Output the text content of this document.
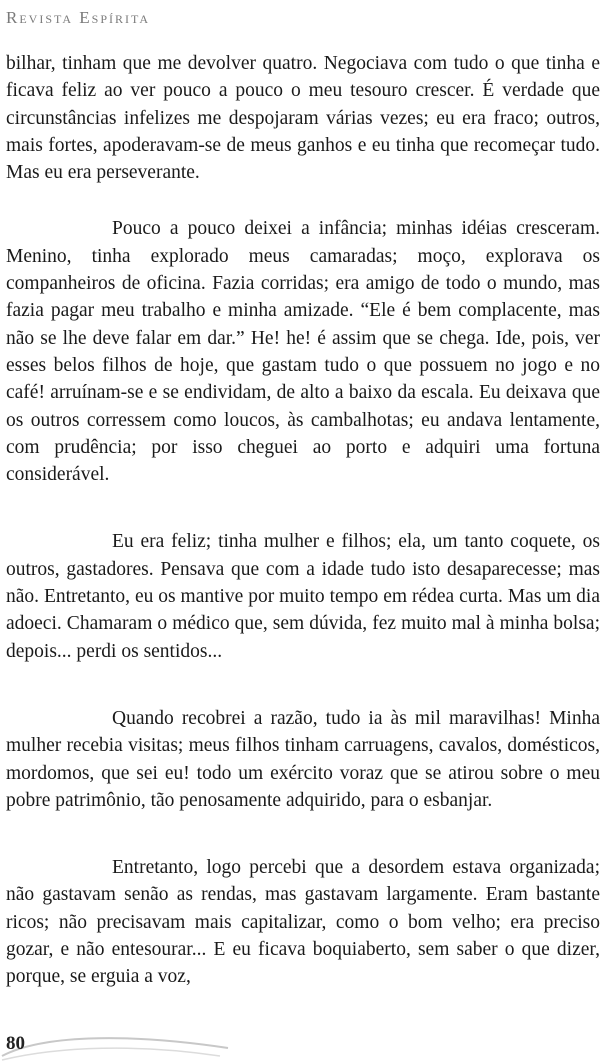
Revista Espírita

bilhar, tinham que me devolver quatro. Negociava com tudo o que tinha e ficava feliz ao ver pouco a pouco o meu tesouro crescer. É verdade que circunstâncias infelizes me despojaram várias vezes; eu era fraco; outros, mais fortes, apoderavam-se de meus ganhos e eu tinha que recomeçar tudo. Mas eu era perseverante.

Pouco a pouco deixei a infância; minhas idéias cresceram. Menino, tinha explorado meus camaradas; moço, explorava os companheiros de oficina. Fazia corridas; era amigo de todo o mundo, mas fazia pagar meu trabalho e minha amizade. “Ele é bem complacente, mas não se lhe deve falar em dar.” He! he! é assim que se chega. Ide, pois, ver esses belos filhos de hoje, que gastam tudo o que possuem no jogo e no café! arruínam-se e se endividam, de alto a baixo da escala. Eu deixava que os outros corressem como loucos, às cambalhotas; eu andava lentamente, com prudência; por isso cheguei ao porto e adquiri uma fortuna considerável.

Eu era feliz; tinha mulher e filhos; ela, um tanto coquete, os outros, gastadores. Pensava que com a idade tudo isto desaparecesse; mas não. Entretanto, eu os mantive por muito tempo em rédea curta. Mas um dia adoeci. Chamaram o médico que, sem dúvida, fez muito mal à minha bolsa; depois... perdi os sentidos...

Quando recobrei a razão, tudo ia às mil maravilhas! Minha mulher recebia visitas; meus filhos tinham carruagens, cavalos, domésticos, mordomos, que sei eu! todo um exército voraz que se atirou sobre o meu pobre patrimônio, tão penosamente adquirido, para o esbanjar.

Entretanto, logo percebi que a desordem estava organizada; não gastavam senão as rendas, mas gastavam largamente. Eram bastante ricos; não precisavam mais capitalizar, como o bom velho; era preciso gozar, e não entesourar... E eu ficava boquiaberto, sem saber o que dizer, porque, se erguia a voz,

80
